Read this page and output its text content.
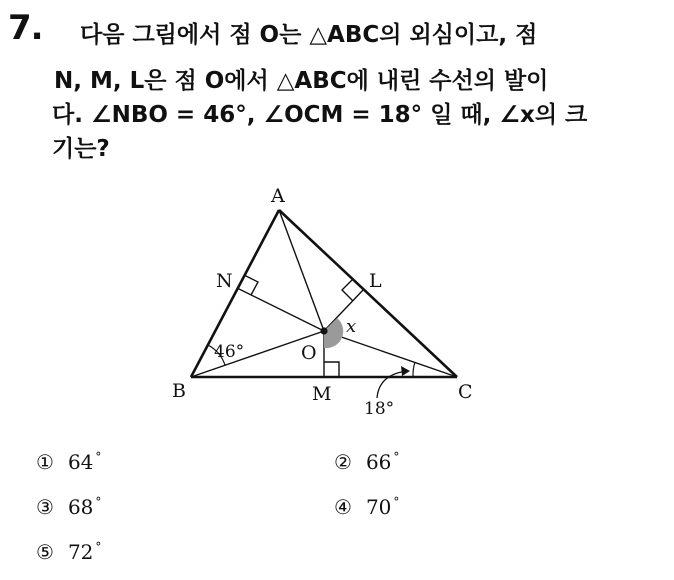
7. 다음 그림에서 점 O는 △ABC의 외심이고, 점
N, M, L은 점 O에서 △ABC에 내린 수선의 발이
다. ∠NBO = 46°, ∠OCM = 18° 일 때, ∠x의 크
기는?
A
B	C
N	L
O
M
46°
18°
x
① 64 °	② 66 °
③ 68 °	④ 70 °
⑤ 72 °
